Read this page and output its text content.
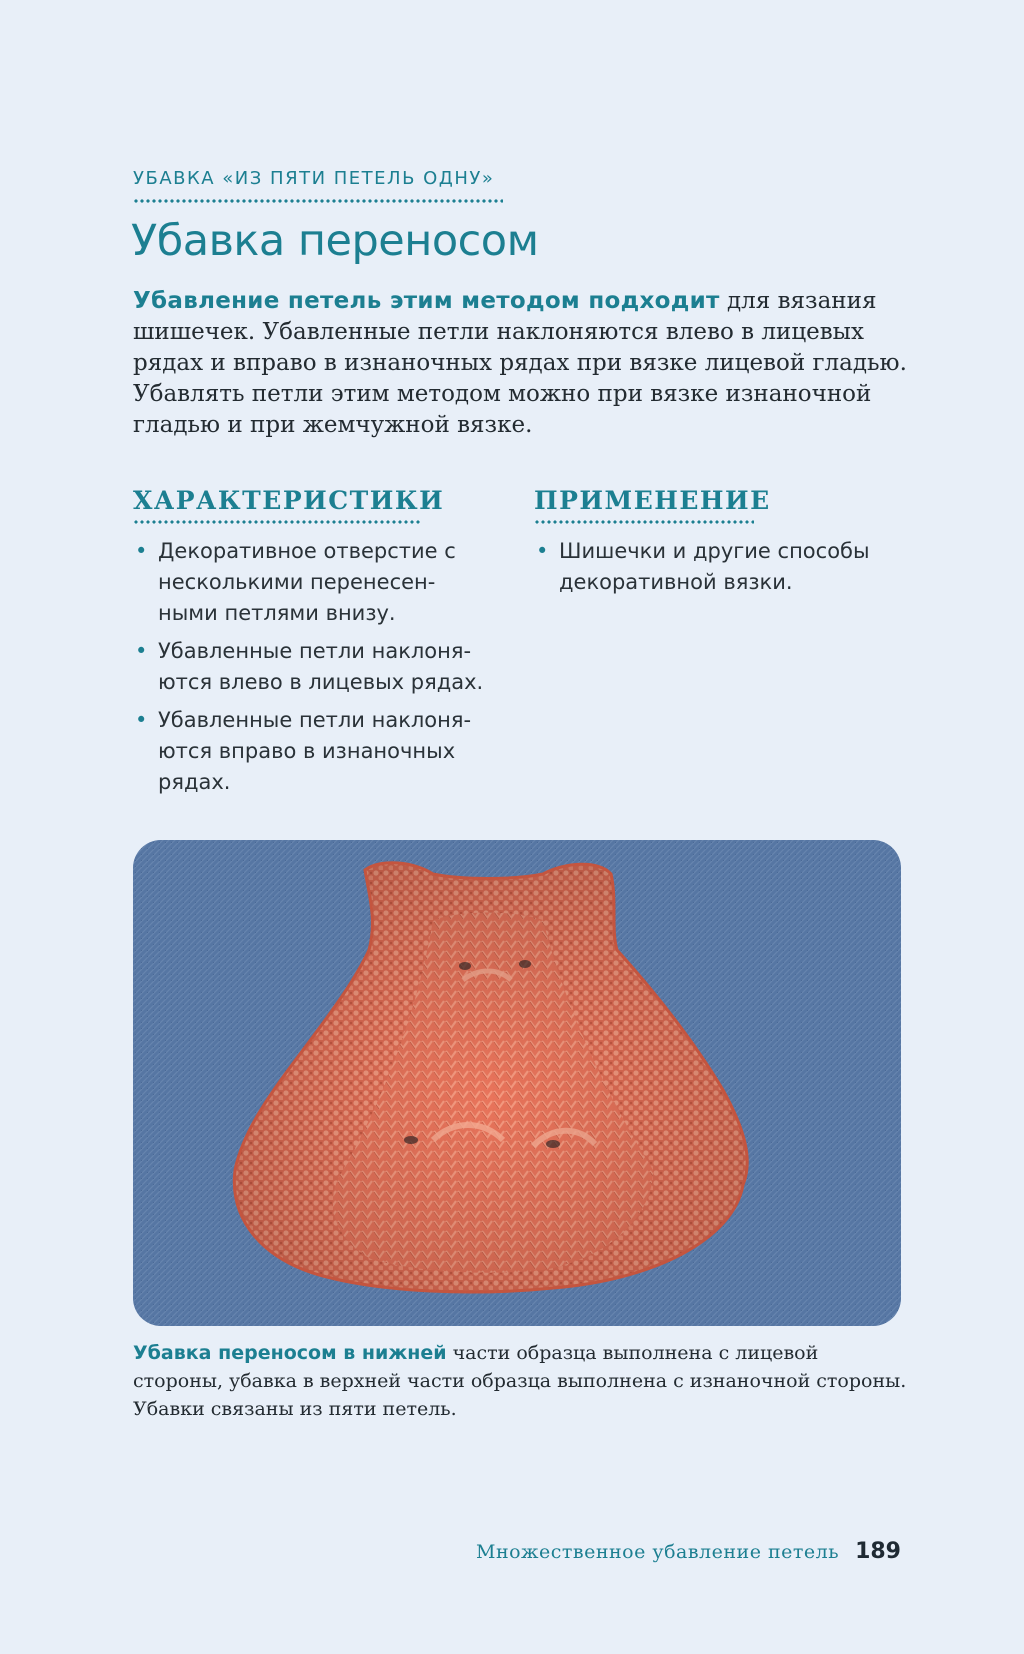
УБАВКА «ИЗ ПЯТИ ПЕТЕЛЬ ОДНУ»
Убавка переносом

Убавление петель этим методом подходит для вязания шишечек. Убавленные петли наклоняются влево в лицевых рядах и вправо в изнаночных рядах при вязке лицевой гладью. Убавлять петли этим методом можно при вязке изнаночной гладью и при жемчужной вязке.

ХАРАКТЕРИСТИКИ
• Декоративное отверстие с несколькими перенесен-ными петлями внизу.
• Убавленные петли наклоня-ются влево в лицевых рядах.
• Убавленные петли наклоня-ются вправо в изнаночных рядах.
ПРИМЕНЕНИЕ
• Шишечки и другие способы декоративной вязки.

Убавка переносом в нижней части образца выполнена с лицевой стороны, убавка в верхней части образца выполнена с изнаночной стороны. Убавки связаны из пяти петель.

Множественное убавление петель 189
